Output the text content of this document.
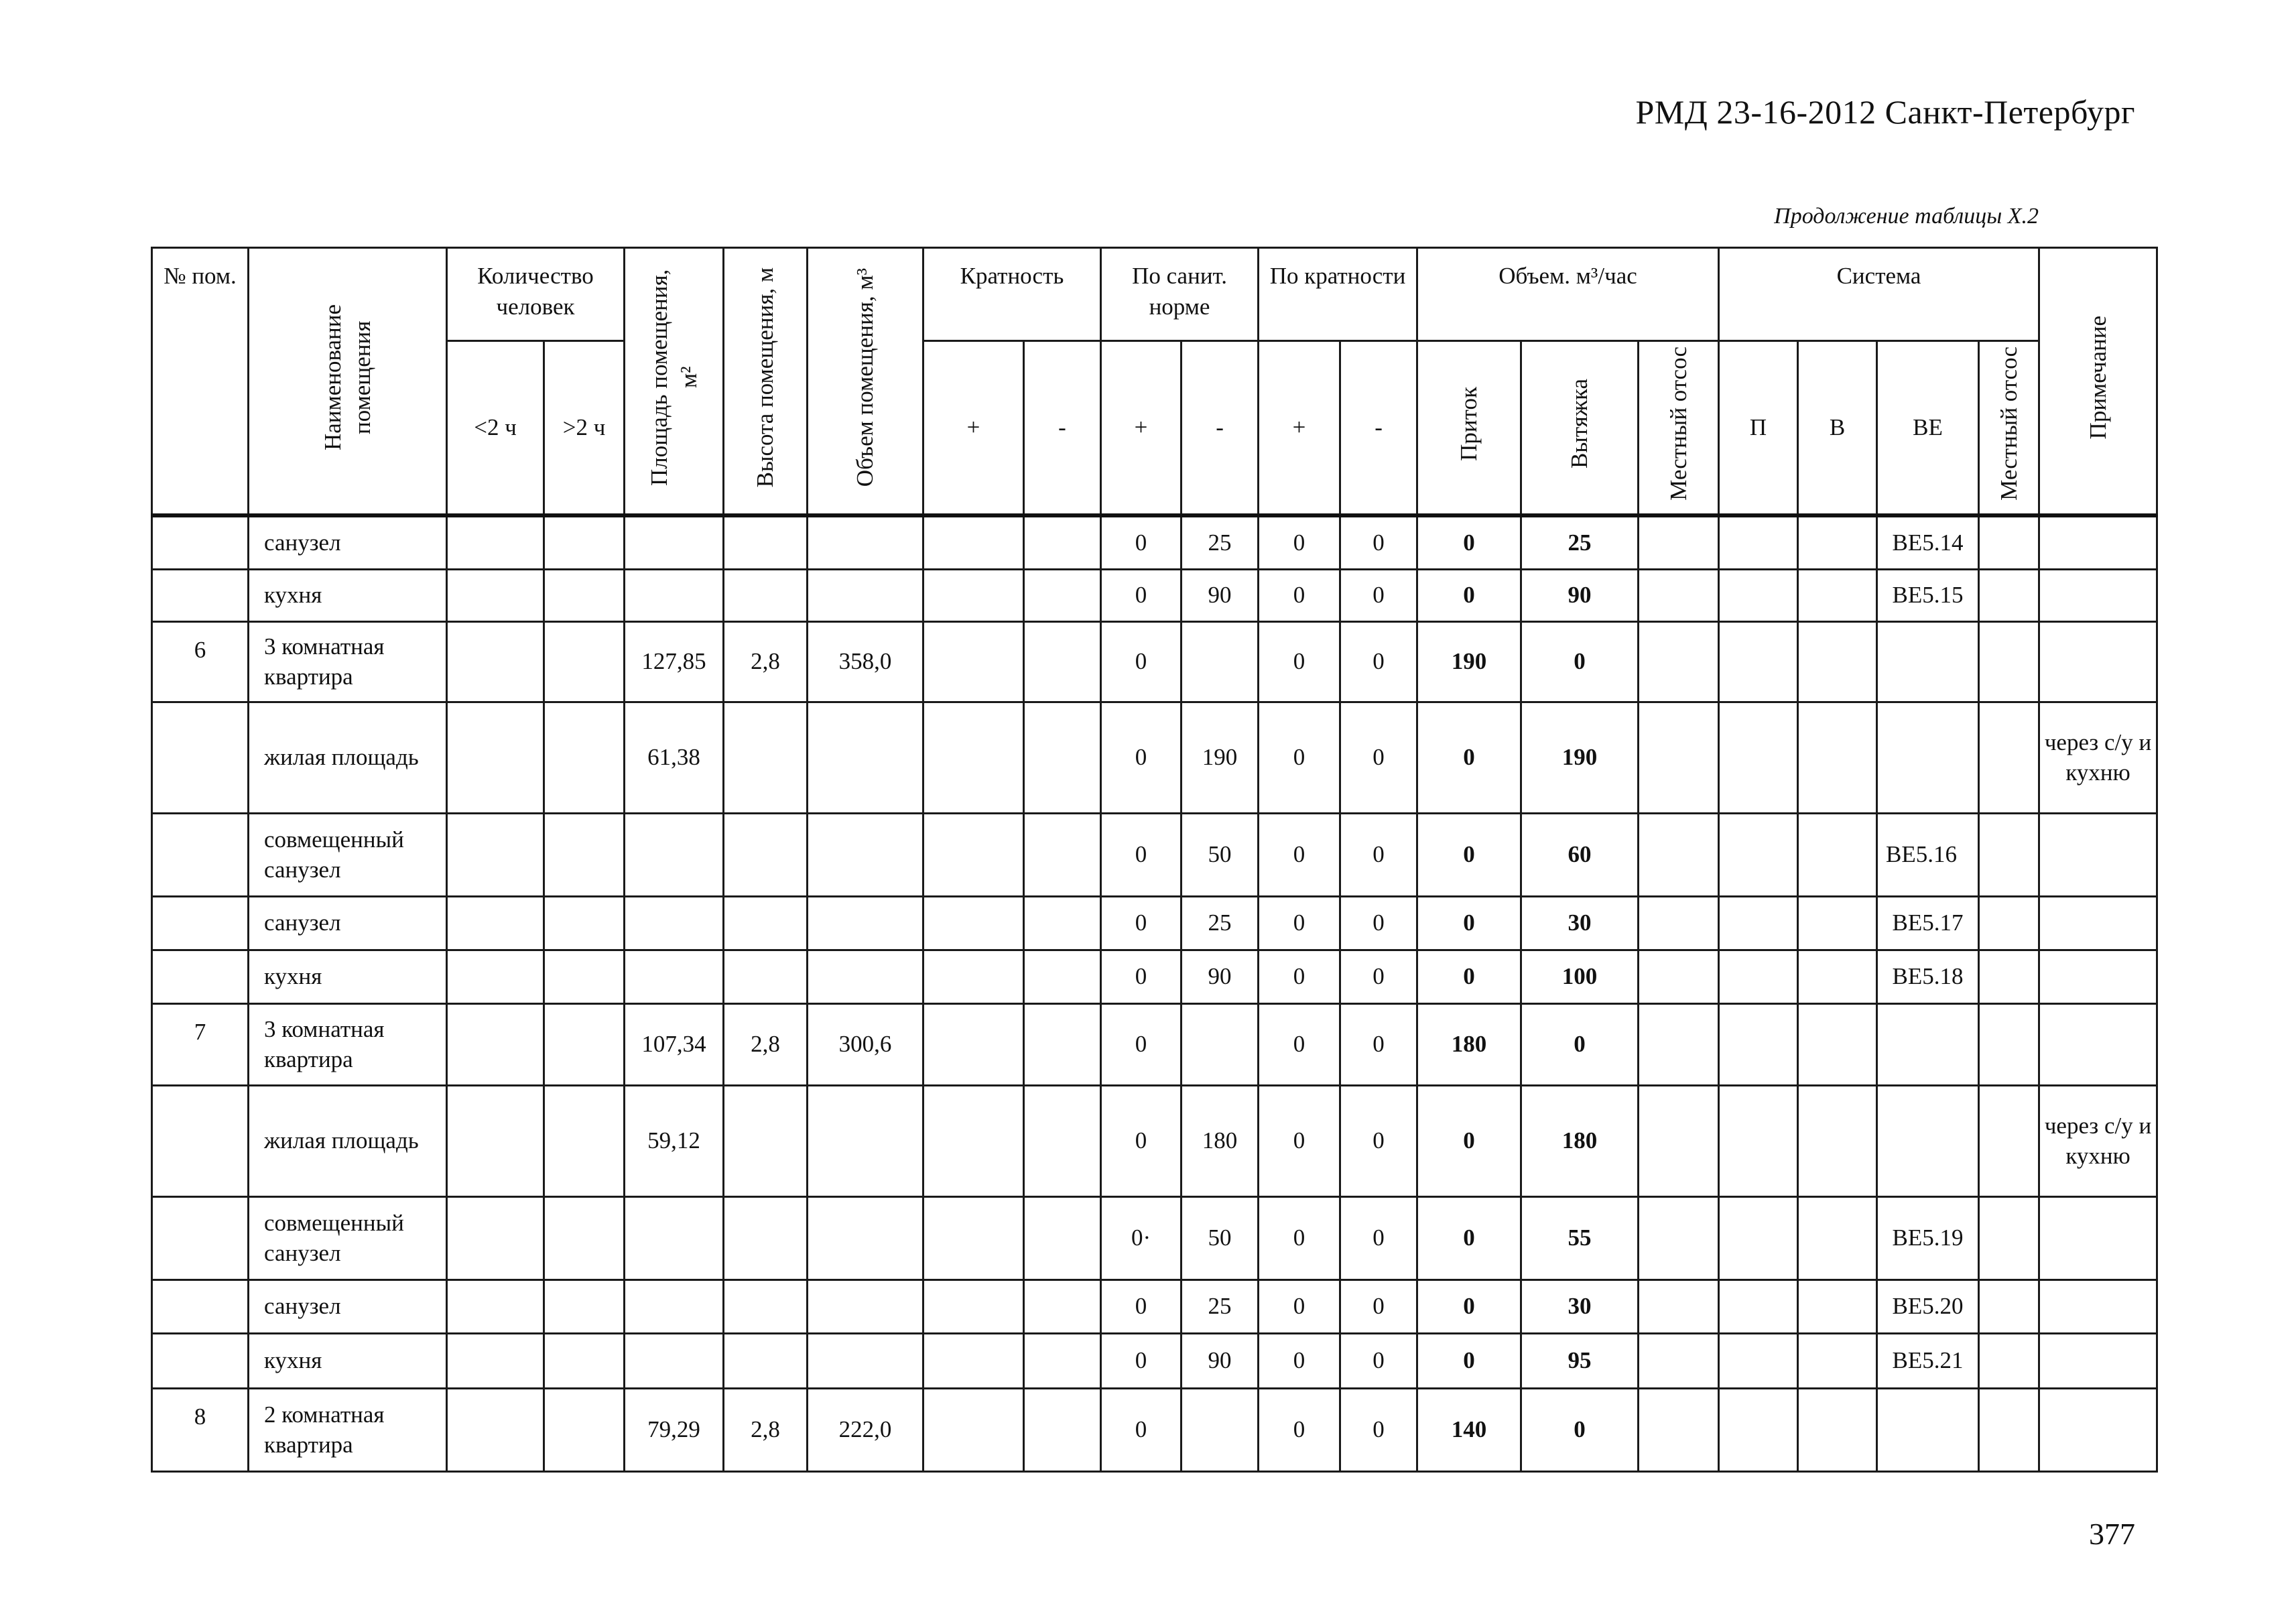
РМД 23-16-2012 Санкт-Петербург
Продолжение таблицы Х.2
№ пом.	Наименование помещения	Количество человек		Площадь помещения, м²	Высота помещения, м	Объем помещения, м³	Кратность		По санит. норме		По кратности		Объем. м³/час			Система				Примечание
		<2 ч	>2 ч				+	-	+	-	+	-	Приток	Вытяжка	Местный отсос	П	В	ВЕ	Местный отсос	
	санузел								0	25	0	0	0	25				ВЕ5.14		
	кухня								0	90	0	0	0	90				ВЕ5.15		
6	3 комнатная квартира			127,85	2,8	358,0			0		0	0	190	0						
	жилая площадь			61,38					0	190	0	0	0	190						через с/у и кухню
	совмещенный санузел								0	50	0	0	0	60				ВЕ5.16		
	санузел								0	25	0	0	0	30				ВЕ5.17		
	кухня								0	90	0	0	0	100				ВЕ5.18		
7	3 комнатная квартира			107,34	2,8	300,6			0		0	0	180	0						
	жилая площадь			59,12					0	180	0	0	0	180						через с/у и кухню
	совмещенный санузел								0·	50	0	0	0	55				ВЕ5.19		
	санузел								0	25	0	0	0	30				ВЕ5.20		
	кухня								0	90	0	0	0	95				ВЕ5.21		
8	2 комнатная квартира			79,29	2,8	222,0			0		0	0	140	0						
377
